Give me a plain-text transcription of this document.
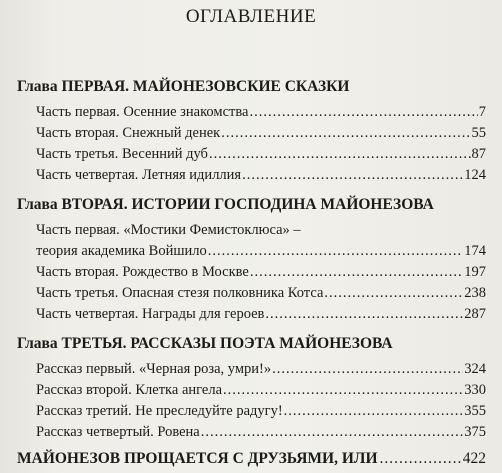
ОГЛАВЛЕНИЕ
Глава ПЕРВАЯ. МАЙОНЕЗОВСКИЕ СКАЗКИ
Часть первая. Осенние знакомства .....	7
Часть вторая. Снежный денек .....	55
Часть третья. Весенний дуб .....	87
Часть четвертая. Летняя идиллия .....	124
Глава ВТОРАЯ. ИСТОРИИ ГОСПОДИНА МАЙОНЕЗОВА
Часть первая. «Мостики Фемистоклюса» –
теория академика Войшило .....	174
Часть вторая. Рождество в Москве .....	197
Часть третья. Опасная стезя полковника Котса .....	238
Часть четвертая. Награды для героев .....	287
Глава ТРЕТЬЯ. РАССКАЗЫ ПОЭТА МАЙОНЕЗОВА
Рассказ первый. «Черная роза, умри!» .....	324
Рассказ второй. Клетка ангела .....	330
Рассказ третий. Не преследуйте радугу! .....	355
Рассказ четвертый. Ровена .....	375
МАЙОНЕЗОВ ПРОЩАЕТСЯ С ДРУЗЬЯМИ, ИЛИ .....	422
